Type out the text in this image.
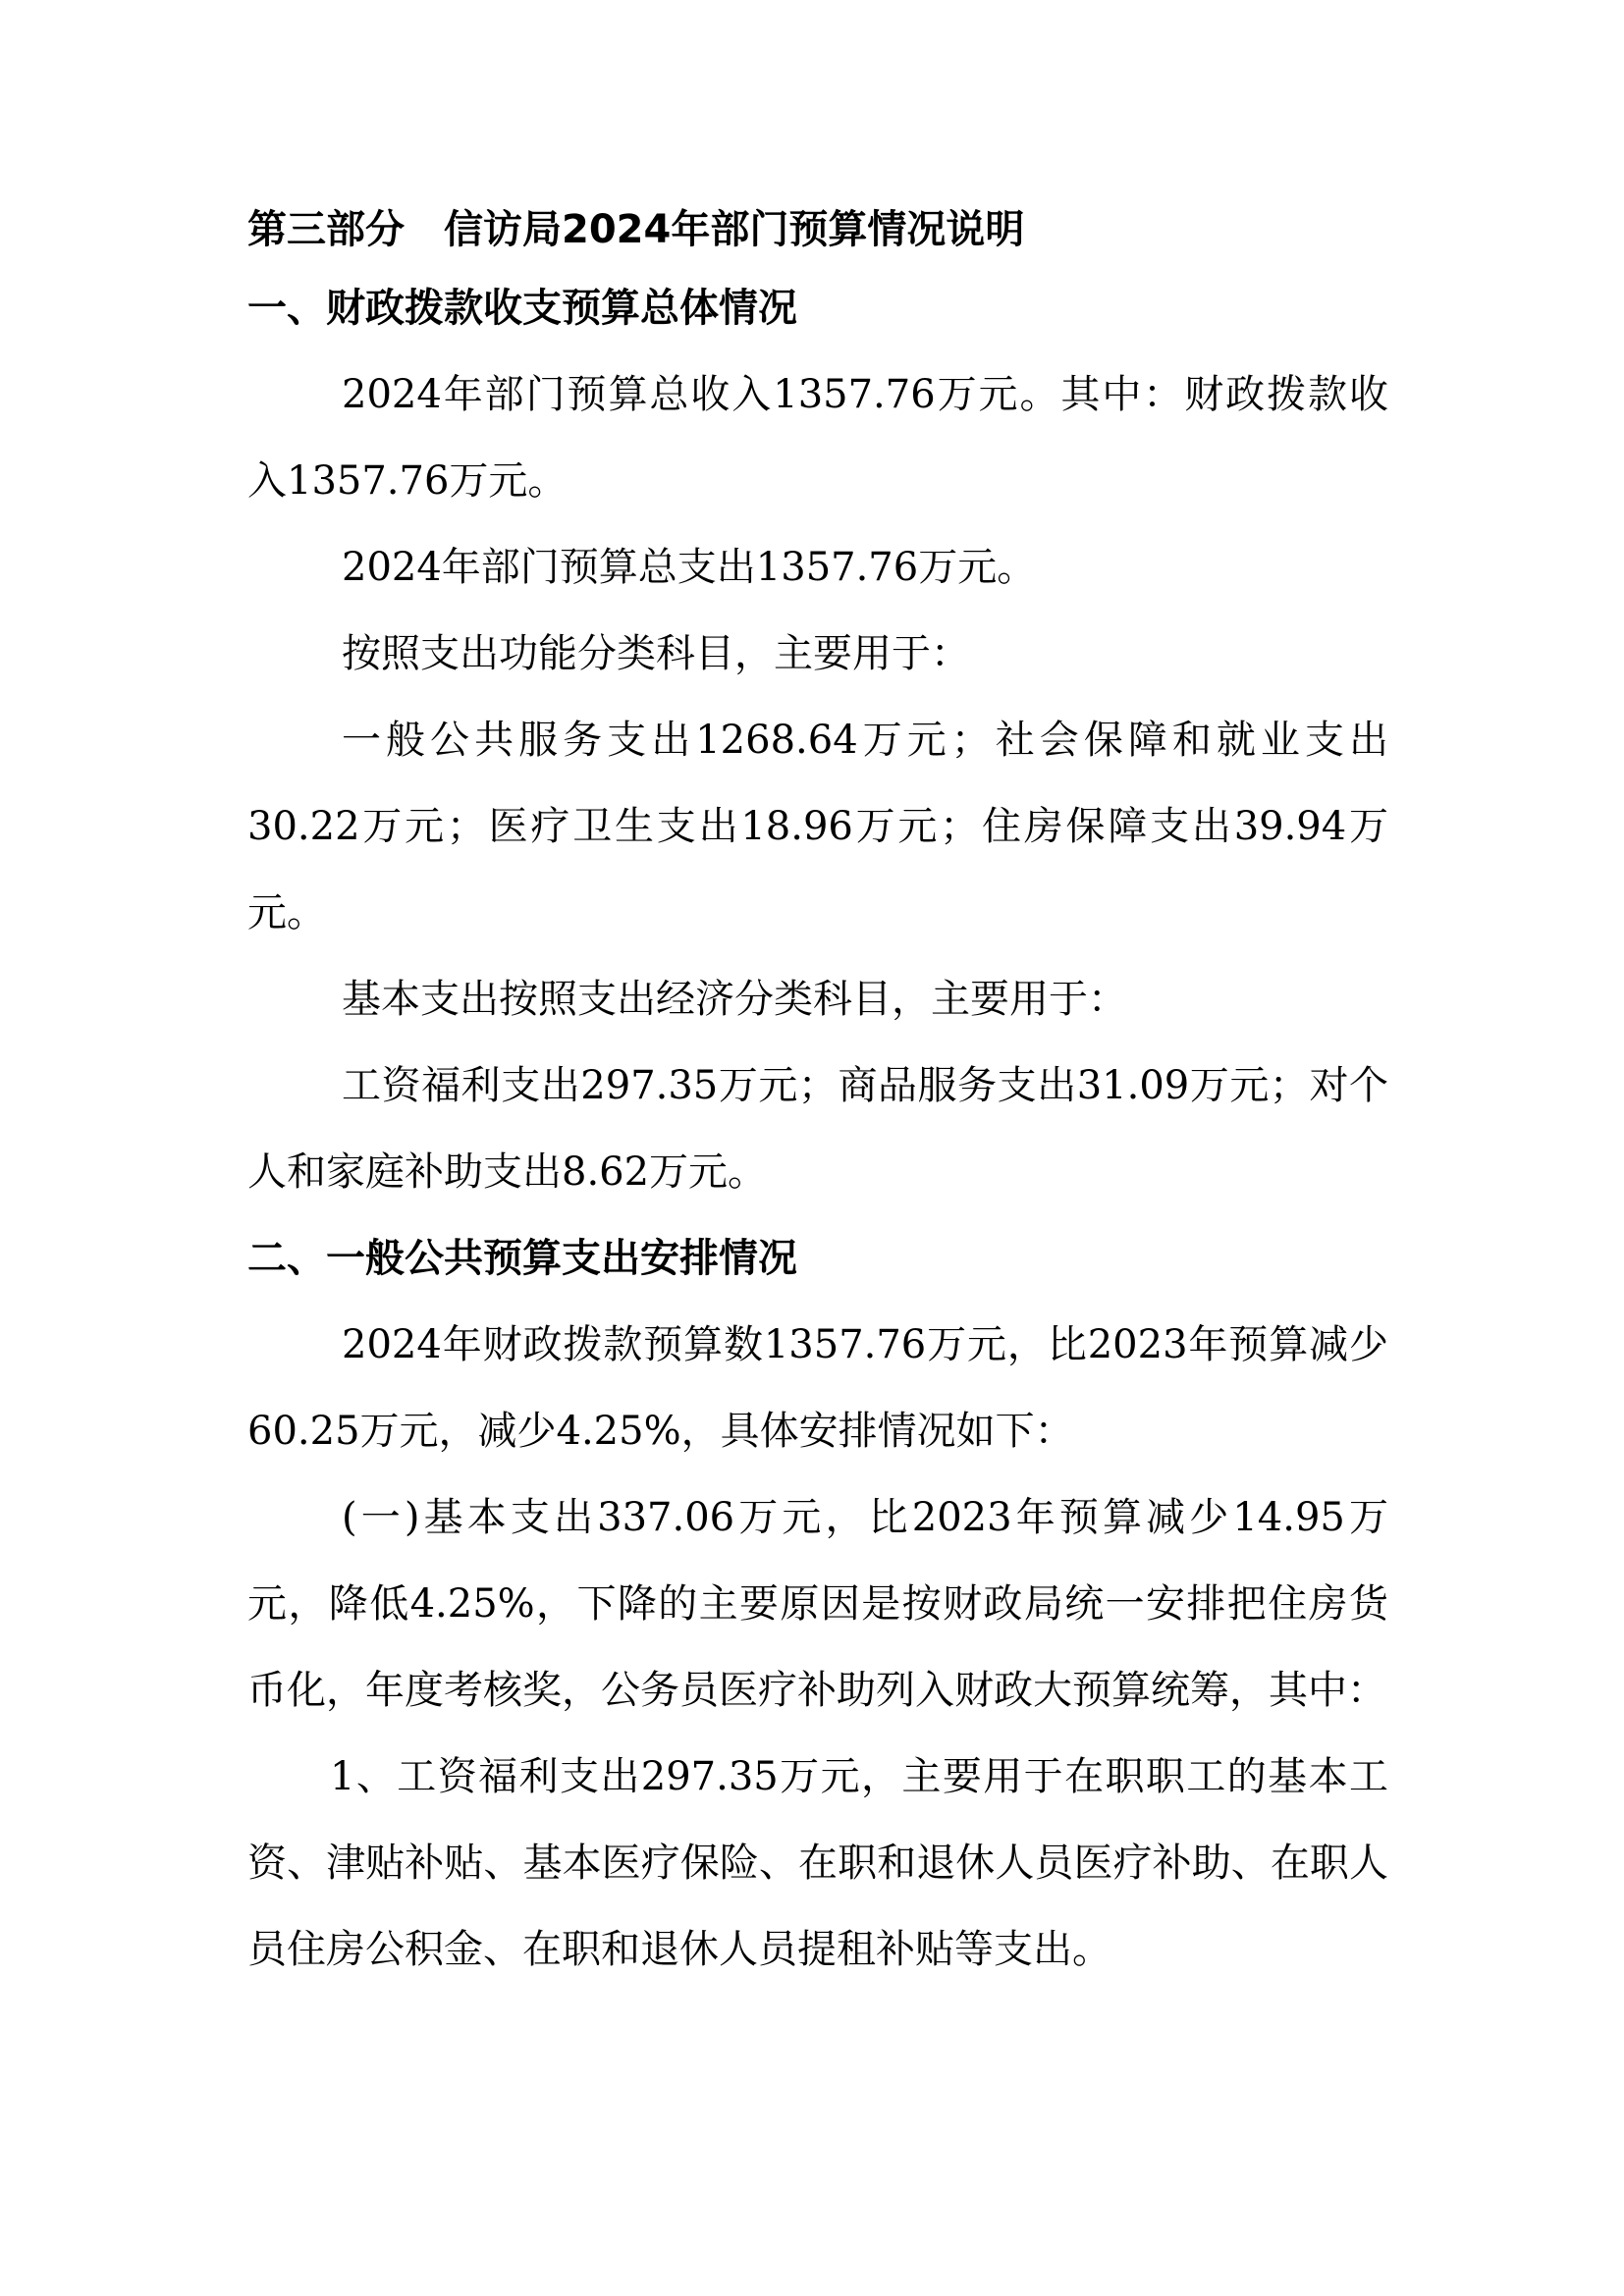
第三部分 信访局2024年部门预算情况说明
一、财政拨款收支预算总体情况

2024年部门预算总收入1357.76万元。其中：财政拨款收入1357.76万元。

2024年部门预算总支出1357.76万元。

按照支出功能分类科目，主要用于：

一般公共服务支出1268.64万元；社会保障和就业支出30.22万元；医疗卫生支出18.96万元；住房保障支出39.94万元。

基本支出按照支出经济分类科目，主要用于：

工资福利支出297.35万元；商品服务支出31.09万元；对个人和家庭补助支出8.62万元。

二、一般公共预算支出安排情况

2024年财政拨款预算数1357.76万元，比2023年预算减少60.25万元，减少4.25%，具体安排情况如下：

(一)基本支出337.06万元，比2023年预算减少14.95万元，降低4.25%，下降的主要原因是按财政局统一安排把住房货币化，年度考核奖，公务员医疗补助列入财政大预算统筹，其中：

1、工资福利支出297.35万元，主要用于在职职工的基本工资、津贴补贴、基本医疗保险、在职和退休人员医疗补助、在职人员住房公积金、在职和退休人员提租补贴等支出。
